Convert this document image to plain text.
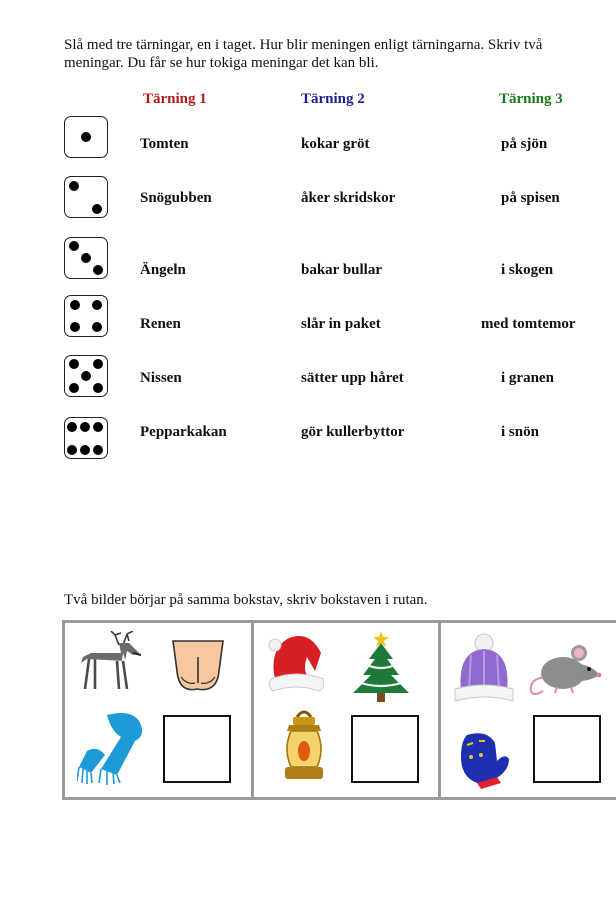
Slå med tre tärningar, en i taget. Hur blir meningen enligt tärningarna. Skriv två meningar. Du får se hur tokiga meningar det kan bli.

Tärning 1	Tärning 2	Tärning 3
Tomten	kokar gröt	på sjön
Snögubben	åker skridskor	på spisen
Ängeln	bakar bullar	i skogen
Renen	slår in paket	med tomtemor
Nissen	sätter upp håret	i granen
Pepparkakan	gör kullerbyttor	i snön

Två bilder börjar på samma bokstav, skriv bokstaven i rutan.
